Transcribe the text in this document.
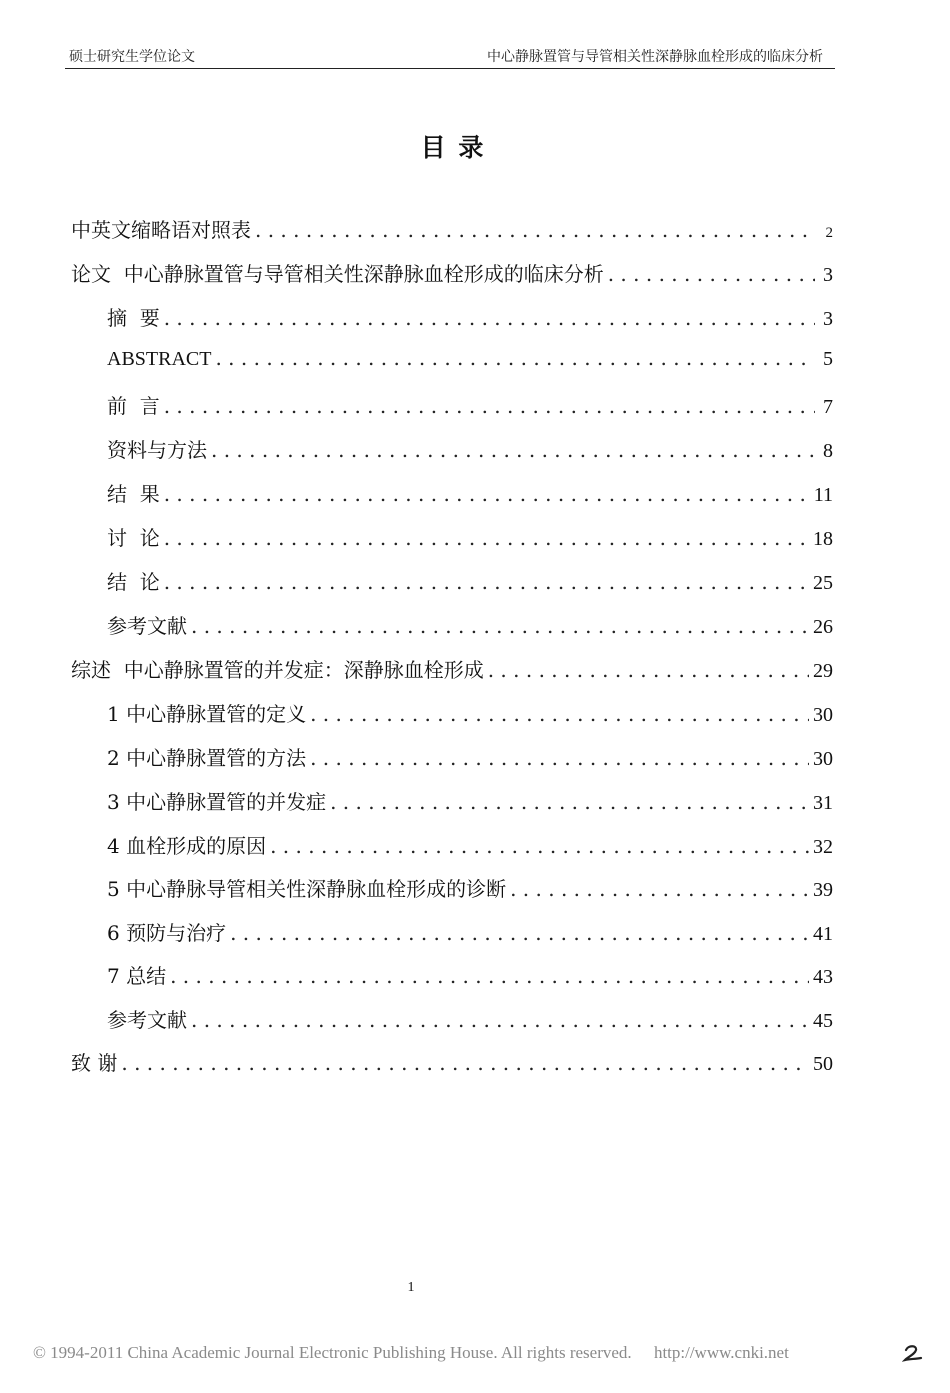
硕士研究生学位论文	中心静脉置管与导管相关性深静脉血栓形成的临床分析
目 录
中英文缩略语对照表 . . .	2
论文  中心静脉置管与导管相关性深静脉血栓形成的临床分析 . . .	3
摘  要 . . .	3
ABSTRACT . . .	5
前  言 . . .	7
资料与方法 . . .	8
结  果 . . .	11
讨  论 . . .	18
结  论 . . .	25
参考文献 . . .	26
综述  中心静脉置管的并发症：深静脉血栓形成 . . .	29
1 中心静脉置管的定义 . . .	30
2 中心静脉置管的方法 . . .	30
3 中心静脉置管的并发症 . . .	31
4 血栓形成的原因 . . .	32
5 中心静脉导管相关性深静脉血栓形成的诊断 . . .	39
6 预防与治疗 . . .	41
7 总结 . . .	43
参考文献 . . .	45
致 谢 . . .	50
1
© 1994-2011 China Academic Journal Electronic Publishing House. All rights reserved. http://www.cnki.net
